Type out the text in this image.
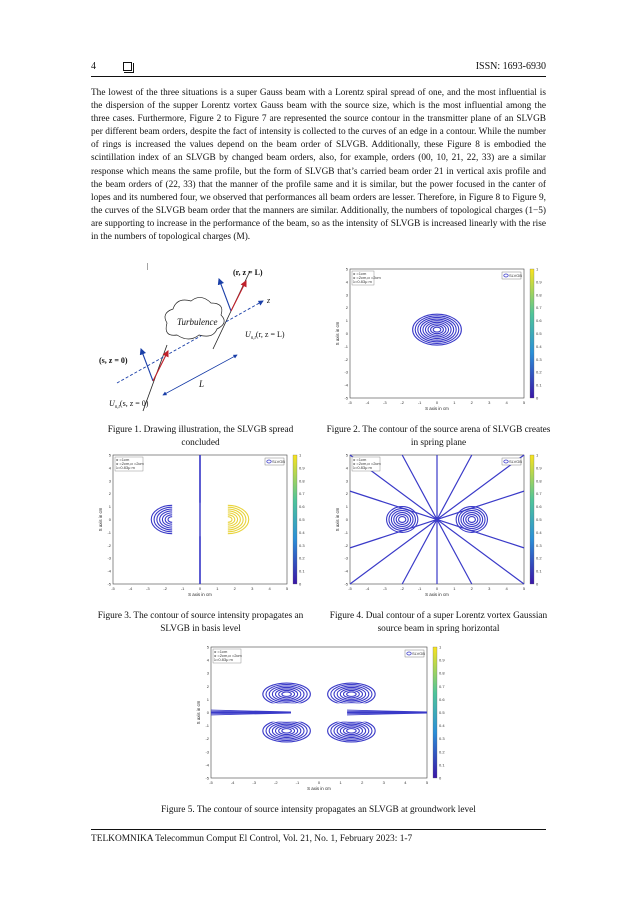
4	ISSN: 1693-6930

The lowest of the three situations is a super Gauss beam with a Lorentz spiral spread of one, and the most influential is the dispersion of the supper Lorentz vortex Gauss beam with the source size, which is the most influential among the three cases. Furthermore, Figure 2 to Figure 7 are represented the source contour in the transmitter plane of an SLVGB per different beam orders, despite the fact of intensity is collected to the curves of an edge in a contour. While the number of rings is increased the values depend on the beam order of SLVGB. Additionally, these Figure 8 is embodied the scintillation index of an SLVGB by changed beam orders, also, for example, orders (00, 10, 21, 22, 33) are a similar response which means the same profile, but the form of SLVGB that’s carried beam order 21 in vertical axis profile and the beam orders of (22, 33) that the manner of the profile same and it is similar, but the power focused in the canter of lopes and its numbered four, we observed that performances all beam orders are lesser. Therefore, in Figure 8 to Figure 9, the curves of the SLVGB beam order that the manners are similar. Additionally, the numbers of topological charges (1−5) are supporting to increase in the performance of the beam, so as the intensity of SLVGB is increased linearly with the rise in the numbers of topological charges (M).

Turbulence
(r, z = L)
(s, z = 0)
z
L
|
$U_{n,t}(r$, z = L)
$U_{n,t}(s$, z = 0)
Figure 1. Drawing illustration, the SLVGB spread concluded
-5	-4	-3	-2	-1	0	1	2	3	4	5
5
4
3
2
1
0
-1
-2
-3
-4
-5
S axis in cm
S axis in cm
1
0.9
0.8
0.7
0.6
0.5
0.4
0.3
0.2
0.1
0
SLVGB
α =1cm
α =2cm,α =2cm
λ=0.83μ m
Figure 2. The contour of the source arena of SLVGB creates in spring plane
-5	-4	-3	-2	-1	0	1	2	3	4	5
5
4
3
2
1
0
-1
-2
-3
-4
-5
S axis in cm
S axis in cm
1
0.9
0.8
0.7
0.6
0.5
0.4
0.3
0.2
0.1
0
SLVGB
α =1cm
α =2cm,α =2cm
λ=0.83μ m
Figure 3. The contour of source intensity propagates an SLVGB in basis level
-5	-4	-3	-2	-1	0	1	2	3	4	5
5
4
3
2
1
0
-1
-2
-3
-4
-5
S axis in cm
S axis in cm
1
0.9
0.8
0.7
0.6
0.5
0.4
0.3
0.2
0.1
0
SLVGB
α =1cm
α =2cm,α =2cm
λ=0.83μ m
Figure 4. Dual contour of a super Lorentz vortex Gaussian source beam in spring horizontal
-5	-4	-3	-2	-1	0	1	2	3	4	5
5
4
3
2
1
0
-1
-2
-3
-4
-5
S axis in cm
S axis in cm
1
0.9
0.8
0.7
0.6
0.5
0.4
0.3
0.2
0.1
0
SLVGB
α =1cm
α =2cm,α =2cm
λ=0.83μ m
Figure 5. The contour of source intensity propagates an SLVGB at groundwork level
TELKOMNIKA Telecommun Comput El Control, Vol. 21, No. 1, February 2023: 1-7
